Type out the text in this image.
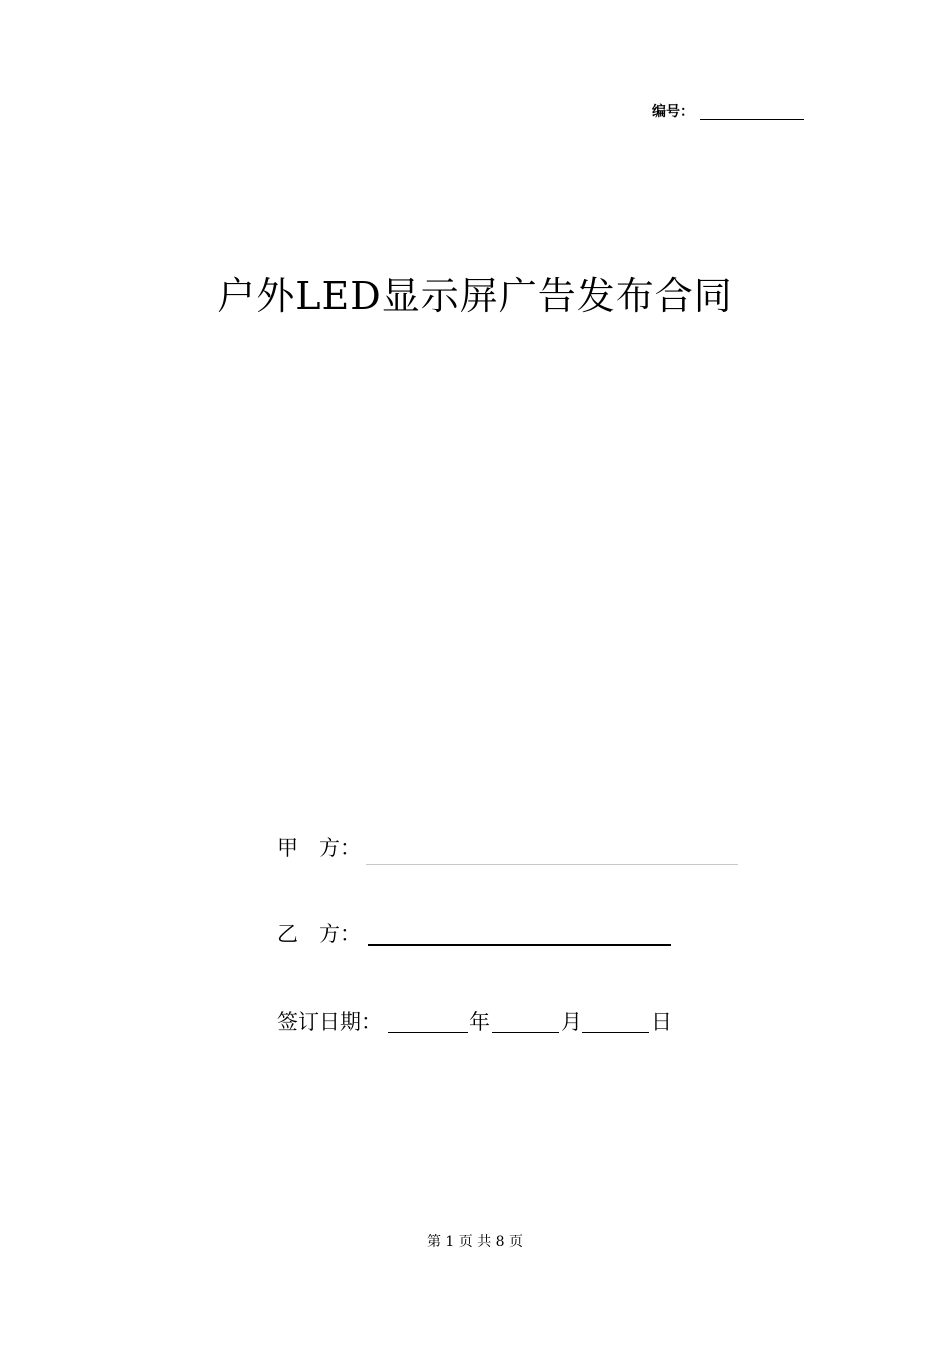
编号：
户外LED显示屏广告发布合同
甲　方：
乙　方：
签订日期：	年	月	日
第 1 页 共 8 页
